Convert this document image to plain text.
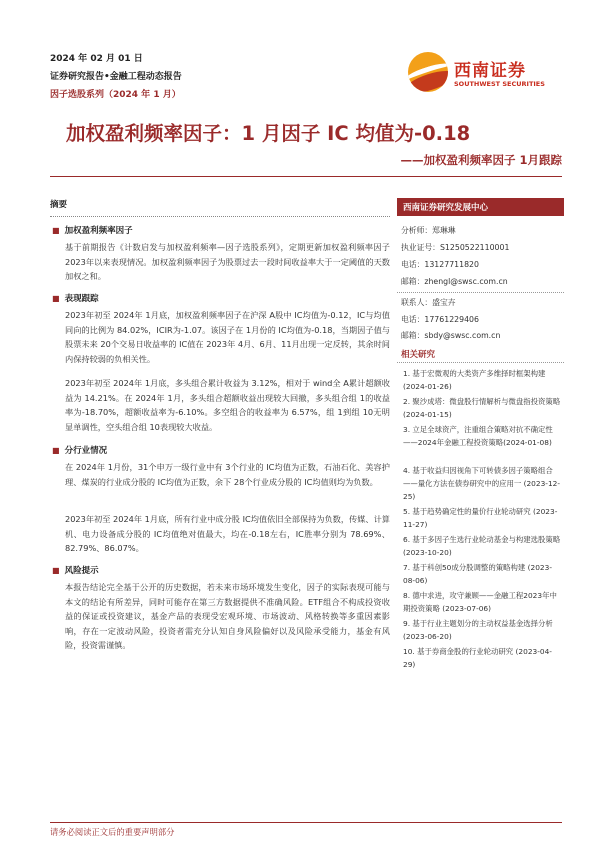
2024 年 02 月 01 日
证券研究报告•金融工程动态报告
因子选股系列（2024 年 1 月）
西南证券
SOUTHWEST SECURITIES
加权盈利频率因子：1 月因子 IC 均值为-0.18
——加权盈利频率因子 1月跟踪
摘要
■ 加权盈利频率因子
基于前期报告《计数启发与加权盈利频率—因子选股系列》，定期更新加权盈利频率因子 2023年以来表现情况。加权盈利频率因子为股票过去一段时间收益率大于一定阈值的天数加权之和。
■ 表现跟踪
2023年初至 2024年 1月底，加权盈利频率因子在沪深 A股中 IC均值为-0.12，IC与均值同向的比例为 84.02%，ICIR为-1.07。该因子在 1月份的 IC均值为-0.18，当期因子值与股票未来 20个交易日收益率的 IC值在 2023年 4月、6月、11月出现一定反转，其余时间内保持较弱的负相关性。
2023年初至 2024年 1月底，多头组合累计收益为 3.12%，相对于 wind全 A累计超额收益为 14.21%。在 2024年 1月，多头组合超额收益出现较大回撤，多头组合组 1的收益率为-18.70%，超额收益率为-6.10%。多空组合的收益率为 6.57%，组 1到组 10无明显单调性，空头组合组 10表现较大收益。
■ 分行业情况
在 2024年 1月份，31个申万一级行业中有 3个行业的 IC均值为正数，石油石化、美容护理、煤炭的行业成分股的 IC均值为正数，余下 28个行业成分股的 IC均值则均为负数。
2023年初至 2024年 1月底，所有行业中成分股 IC均值依旧全部保持为负数，传媒、计算机、电力设备成分股的 IC均值绝对值最大，均在-0.18左右，IC胜率分别为 78.69%、82.79%、86.07%。
■ 风险提示
本报告结论完全基于公开的历史数据，若未来市场环境发生变化，因子的实际表现可能与本文的结论有所差异，同时可能存在第三方数据提供不准确风险。ETF组合不构成投资收益的保证或投资建议，基金产品的表现受宏观环境、市场波动、风格转换等多重因素影响，存在一定波动风险，投资者需充分认知自身风险偏好以及风险承受能力，基金有风险，投资需谨慎。
西南证券研究发展中心
分析师：郑琳琳
执业证号：S1250522110001
电话：13127711820
邮箱：zhengl@swsc.com.cn
联系人：盛宝卉
电话：17761229406
邮箱：sbdy@swsc.com.cn
相关研究
1. 基于宏微观的大类资产多维择时框架构建 (2024-01-26)
2. 聚沙成塔：微盘股行情解析与微盘指投资策略 (2024-01-15)
3. 立足全球资产，注重组合策略对抗不确定性——2024年金融工程投资策略(2024-01-08)
4. 基于收益归因视角下可转债多因子策略组合——量化方法在债券研究中的应用一 (2023-12-25)
5. 基于趋势确定性的量价行业轮动研究 (2023-11-27)
6. 基于多因子生选行业轮动基金与构建选股策略 (2023-10-20)
7. 基于科创50成分股调整的策略构建 (2023-08-06)
8. 德中求进，攻守兼顾——金融工程2023年中期投资策略 (2023-07-06)
9. 基于行业主题划分的主动权益基金选择分析 (2023-06-20)
10. 基于券商金股的行业轮动研究 (2023-04-29)
请务必阅读正文后的重要声明部分
